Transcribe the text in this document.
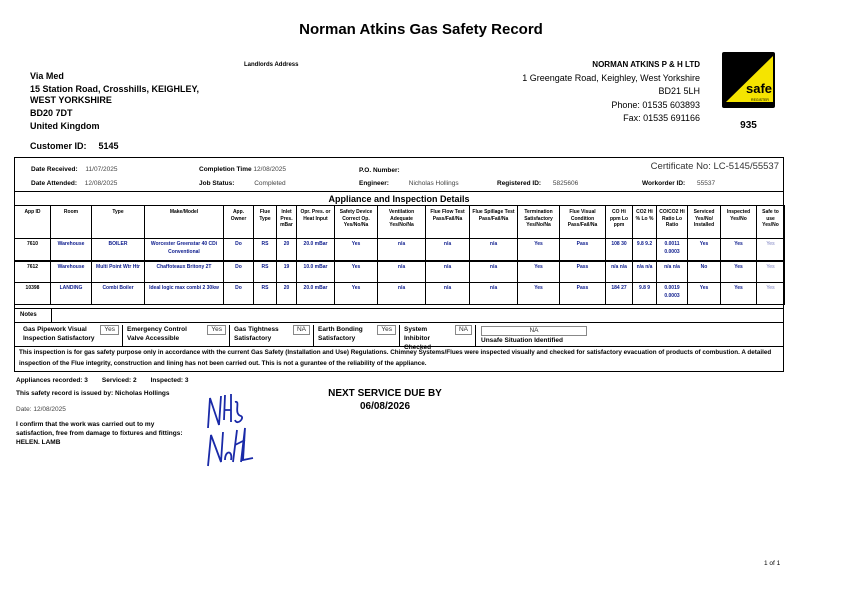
Norman Atkins Gas Safety Record
Landlords Address
Via Med
15 Station Road, Crosshills, KEIGHLEY,
WEST YORKSHIRE
BD20 7DT
United Kingdom
Customer ID: 5145
NORMAN ATKINS P & H LTD
1 Greengate Road, Keighley, West Yorkshire
BD21 5LH
Phone: 01535 603893
Fax: 01535 691166
safe
REGISTER
935
Date Received: 11/07/2025
Date Attended: 12/08/2025
Completion Time 12/08/2025
Job Status:	Completed
P.O. Number:
Engineer:	Nicholas Hollings	Registered ID: 5825606	Workorder ID: 55537
Certificate No: LC-5145/55537
Appliance and Inspection Details
App ID	Room	Type	Make/Model	App. Owner	Flue Type	Inlet Pres. mBar	Opr. Pres. or Heat Input	Safety Device Correct Op. Yes/No/Na	Ventilation Adequate Yes/No/Na	Flue Flow Test Pass/Fail/Na	Flue Spillage Test Pass/Fail/Na	Termination Satisfactory Yes/No/Na	Flue Visual Condition Pass/Fail/Na	CO Hi ppm Lo ppm	CO2 Hi % Lo %	CO/CO2 Hi Ratio Lo Ratio	Serviced Yes/No/ Installed	Inspected Yes/No	Safe to use Yes/No
7610	Warehouse	BOILER	Worcester Greenstar 40 CDi Conventional	Do	RS	20	20.0 mBar	Yes	n/a	n/a	n/a	Yes	Pass	108 30	9.8 9.2	0.0011 0.0003	Yes	Yes	Yes
7612	Warehouse	Multi Point Wtr Htr	Chaffoteaux Britony 2T	Do	RS	19	10.0 mBar	Yes	n/a	n/a	n/a	Yes	Pass	n/a n/a	n/a n/a	n/a n/a	No	Yes	Yes
10398	LANDING	Combi Boiler	Ideal logic max combi 2 30kw	Do	RS	20	20.0 mBar	Yes	n/a	n/a	n/a	Yes	Pass	184 27	9.8 9	0.0019 0.0003	Yes	Yes	Yes
Notes
Yes
Gas Pipework Visual Inspection Satisfactory
Yes
Emergency Control Valve Accessible
NA
Gas Tightness Satisfactory
Yes
Earth Bonding Satisfactory
NA
System Inhibitor Checked
NA
Unsafe Situation Identified
This inspection is for gas safety purpose only in accordance with the current Gas Safety (Installation and Use) Regulations. Chimney Systems/Flues were inspected visually and checked for satisfactory evacuation of products of combustion. A detailed inspection of the Flue integrity, construction and lining has not been carried out. This is not a gurantee of the reliability of the appliance.
Appliances recorded: 3 Serviced: 2 Inspected: 3
This safety record is issued by: Nicholas Hollings
Date: 12/08/2025
I confirm that the work was carried out to my satisfaction, free from damage to fixtures and fittings: HELEN. LAMB
NEXT SERVICE DUE BY
06/08/2026
1 of 1
